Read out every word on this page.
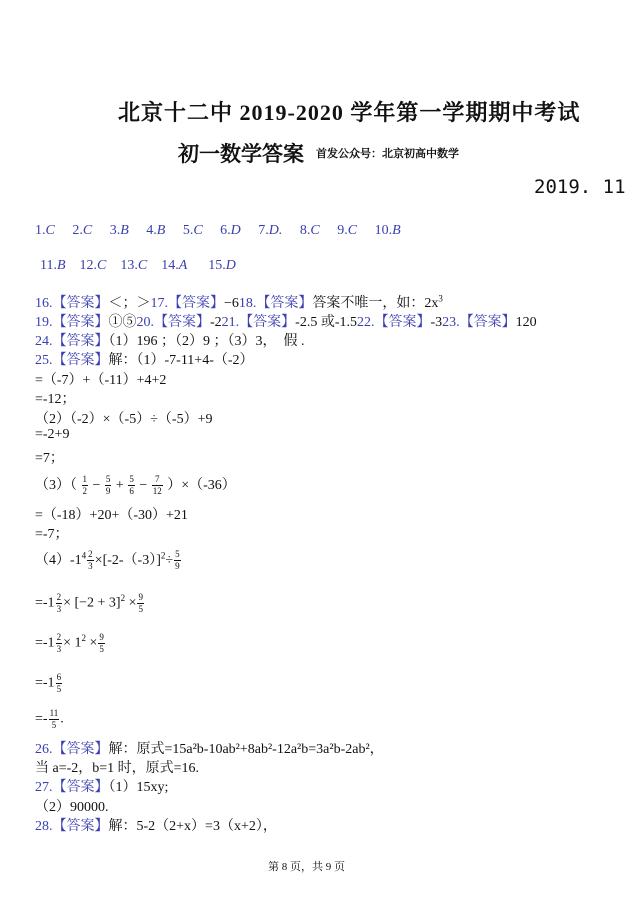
北京十二中 2019-2020 学年第一学期期中考试
初一数学答案 首发公众号：北京初高中数学
2019. 11
1.C 2.C 3.B 4.B 5.C 6.D 7.D. 8.C 9.C 10.B
11.B 12.C 13.C 14.A 15.D
16.【答案】＜；＞17.【答案】−618.【答案】答案不唯一，如：$2x^3$
19.【答案】①⑤20.【答案】-221.【答案】-2.5 或-1.522.【答案】-323.【答案】120
24.【答案】（1）196 ；（2）9 ；（3）3，　假 .
25.【答案】解：（1）-7-11+4-（-2）
=（-7）+（-11）+4+2
=-12；
（2）（-2）×（-5）÷（-5）+9
=-2+9
=7；
$(3)( \frac{1}{2} - \frac{5}{9} + \frac{5}{6} - \frac{7}{12} )\times(-36)$
=（-18）+20+（-30）+21
=-7；
$(4)-1^4 \frac{2}{3} \times[-2-(-3)]^2\div \frac{5}{9}$
$=-1 \frac{2}{3} \times [-2 + 3]^2 \times \frac{9}{5}$
$=-1 \frac{2}{3} \times 1^2 \times \frac{9}{5}$
$=-1 \frac{6}{5}$
=- $\frac{11}{5}$ .
26.【答案】解：原式=15a²b-10ab²+8ab²-12a²b=3a²b-2ab²，
当 a=-2，b=1 时，原式=16.
27.【答案】（1）15xy;
（2）90000.
28.【答案】解：5-2（2+x）=3（x+2），
第 8 页，共 9 页
